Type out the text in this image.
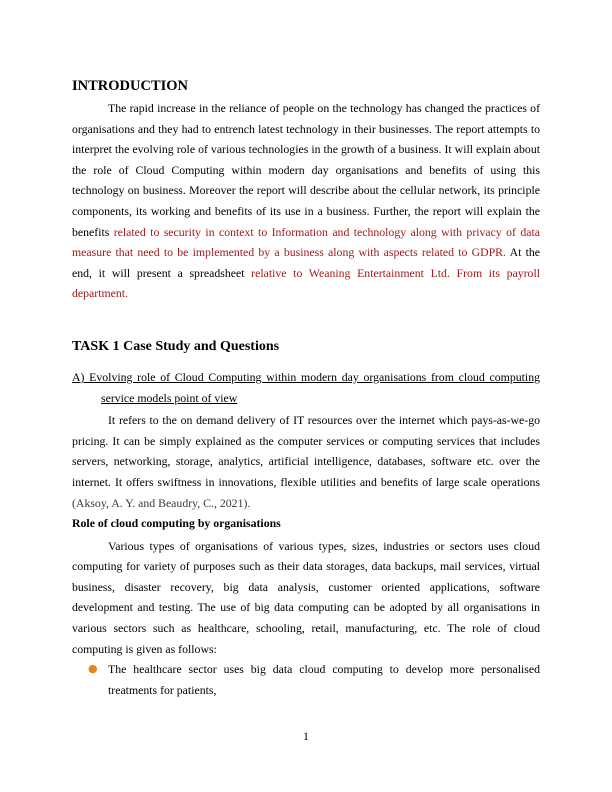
INTRODUCTION

The rapid increase in the reliance of people on the technology has changed the practices of organisations and they had to entrench latest technology in their businesses. The report attempts to interpret the evolving role of various technologies in the growth of a business. It will explain about the role of Cloud Computing within modern day organisations and benefits of using this technology on business. Moreover the report will describe about the cellular network, its principle components, its working and benefits of its use in a business. Further, the report will explain the benefits related to security in context to Information and technology along with privacy of data measure that need to be implemented by a business along with aspects related to GDPR. At the end, it will present a spreadsheet relative to Weaning Entertainment Ltd. From its payroll department.

TASK 1 Case Study and Questions

A) Evolving role of Cloud Computing within modern day organisations from cloud computing service models point of view

It refers to the on demand delivery of IT resources over the internet which pays-as-we-go pricing. It can be simply explained as the computer services or computing services that includes servers, networking, storage, analytics, artificial intelligence, databases, software etc. over the internet. It offers swiftness in innovations, flexible utilities and benefits of large scale operations (Aksoy, A. Y. and Beaudry, C., 2021).

Role of cloud computing by organisations

Various types of organisations of various types, sizes, industries or sectors uses cloud computing for variety of purposes such as their data storages, data backups, mail services, virtual business, disaster recovery, big data analysis, customer oriented applications, software development and testing. The use of big data computing can be adopted by all organisations in various sectors such as healthcare, schooling, retail, manufacturing, etc. The role of cloud computing is given as follows:

● The healthcare sector uses big data cloud computing to develop more personalised treatments for patients,
1
